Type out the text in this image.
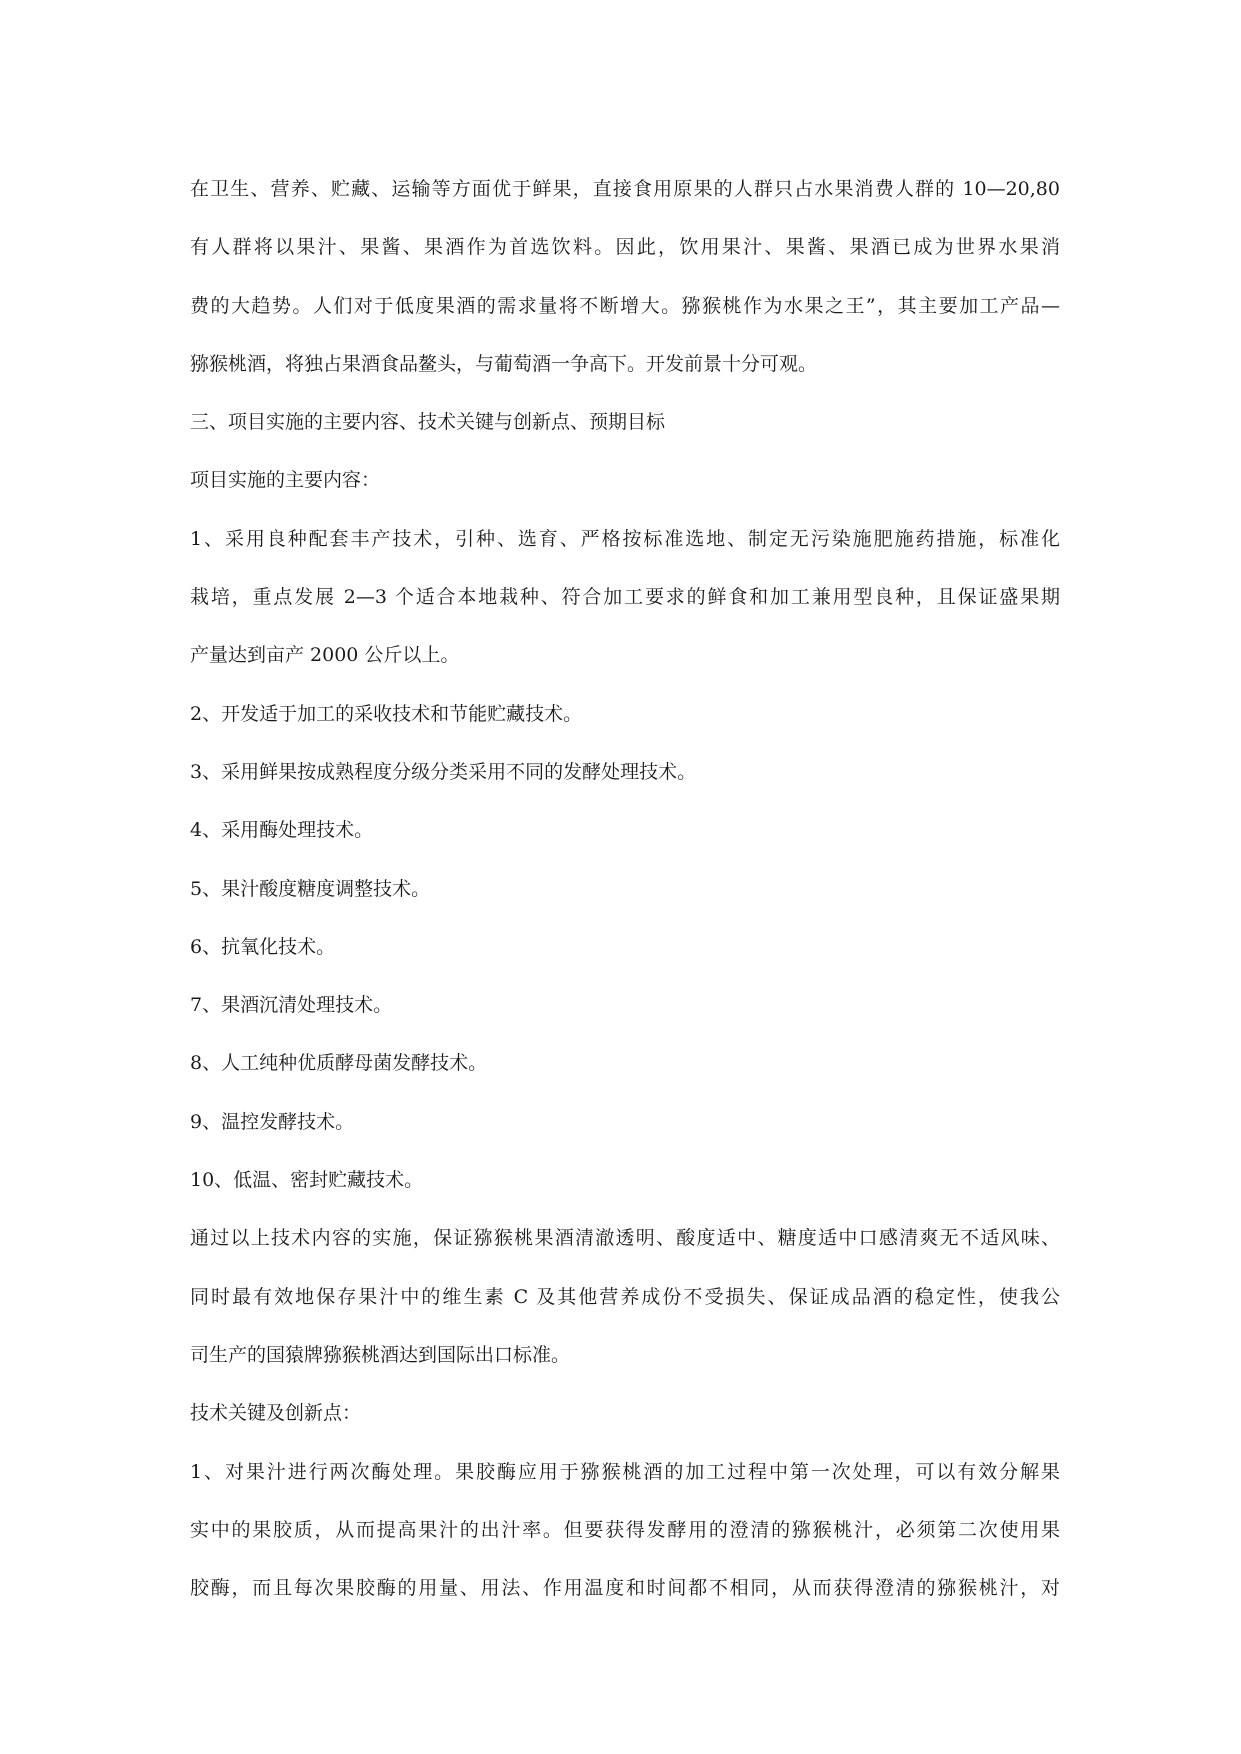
在卫生、营养、贮藏、运输等方面优于鲜果，直接食用原果的人群只占水果消费人群的 10—20,80
有人群将以果汁、果酱、果酒作为首选饮料。因此，饮用果汁、果酱、果酒已成为世界水果消
费的大趋势。人们对于低度果酒的需求量将不断增大。猕猴桃作为水果之王”，其主要加工产品—
猕猴桃酒，将独占果酒食品鳌头，与葡萄酒一争高下。开发前景十分可观。
三、项目实施的主要内容、技术关键与创新点、预期目标
项目实施的主要内容：
1、采用良种配套丰产技术，引种、选育、严格按标准选地、制定无污染施肥施药措施，标准化
栽培，重点发展 2—3 个适合本地栽种、符合加工要求的鲜食和加工兼用型良种，且保证盛果期
产量达到亩产 2000 公斤以上。
2、开发适于加工的采收技术和节能贮藏技术。
3、采用鲜果按成熟程度分级分类采用不同的发酵处理技术。
4、采用酶处理技术。
5、果汁酸度糖度调整技术。
6、抗氧化技术。
7、果酒沉清处理技术。
8、人工纯种优质酵母菌发酵技术。
9、温控发酵技术。
10、低温、密封贮藏技术。
通过以上技术内容的实施，保证猕猴桃果酒清澈透明、酸度适中、糖度适中口感清爽无不适风味、
同时最有效地保存果汁中的维生素 C 及其他营养成份不受损失、保证成品酒的稳定性，使我公
司生产的国猿牌猕猴桃酒达到国际出口标准。
技术关键及创新点：
1、对果汁进行两次酶处理。果胶酶应用于猕猴桃酒的加工过程中第一次处理，可以有效分解果
实中的果胶质，从而提高果汁的出汁率。但要获得发酵用的澄清的猕猴桃汁，必须第二次使用果
胶酶，而且每次果胶酶的用量、用法、作用温度和时间都不相同，从而获得澄清的猕猴桃汁，对
